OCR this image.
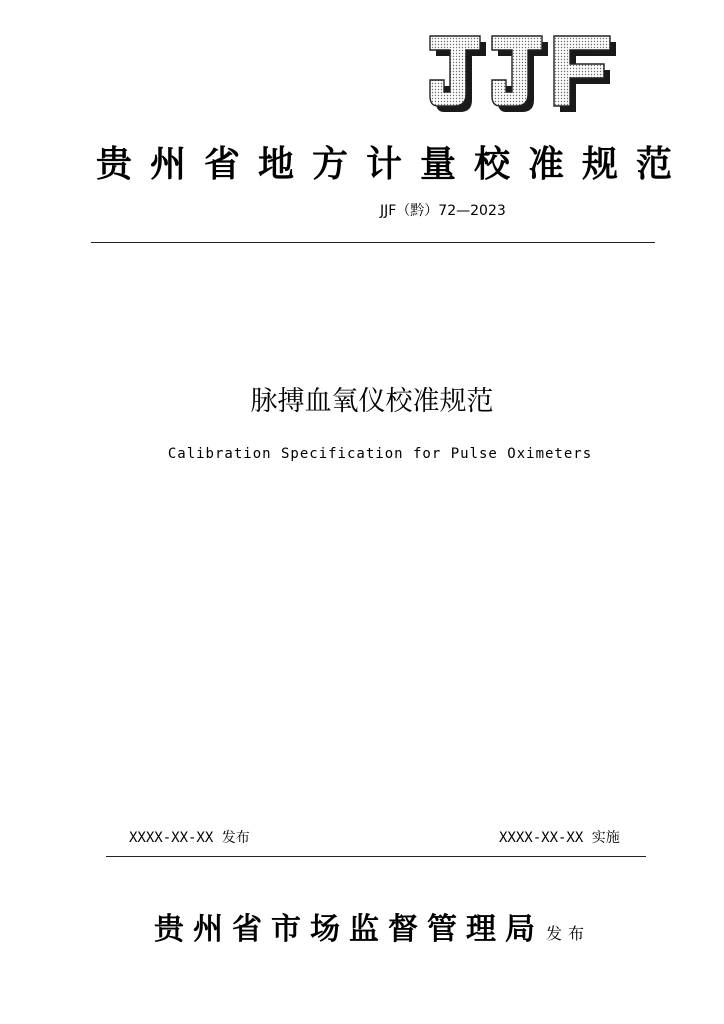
贵州省地方计量校准规范
JJF（黔）72—2023
脉搏血氧仪校准规范
Calibration Specification for Pulse Oximeters
XXXX-XX-XX 发布	XXXX-XX-XX 实施
贵州省市场监督管理局 发布
